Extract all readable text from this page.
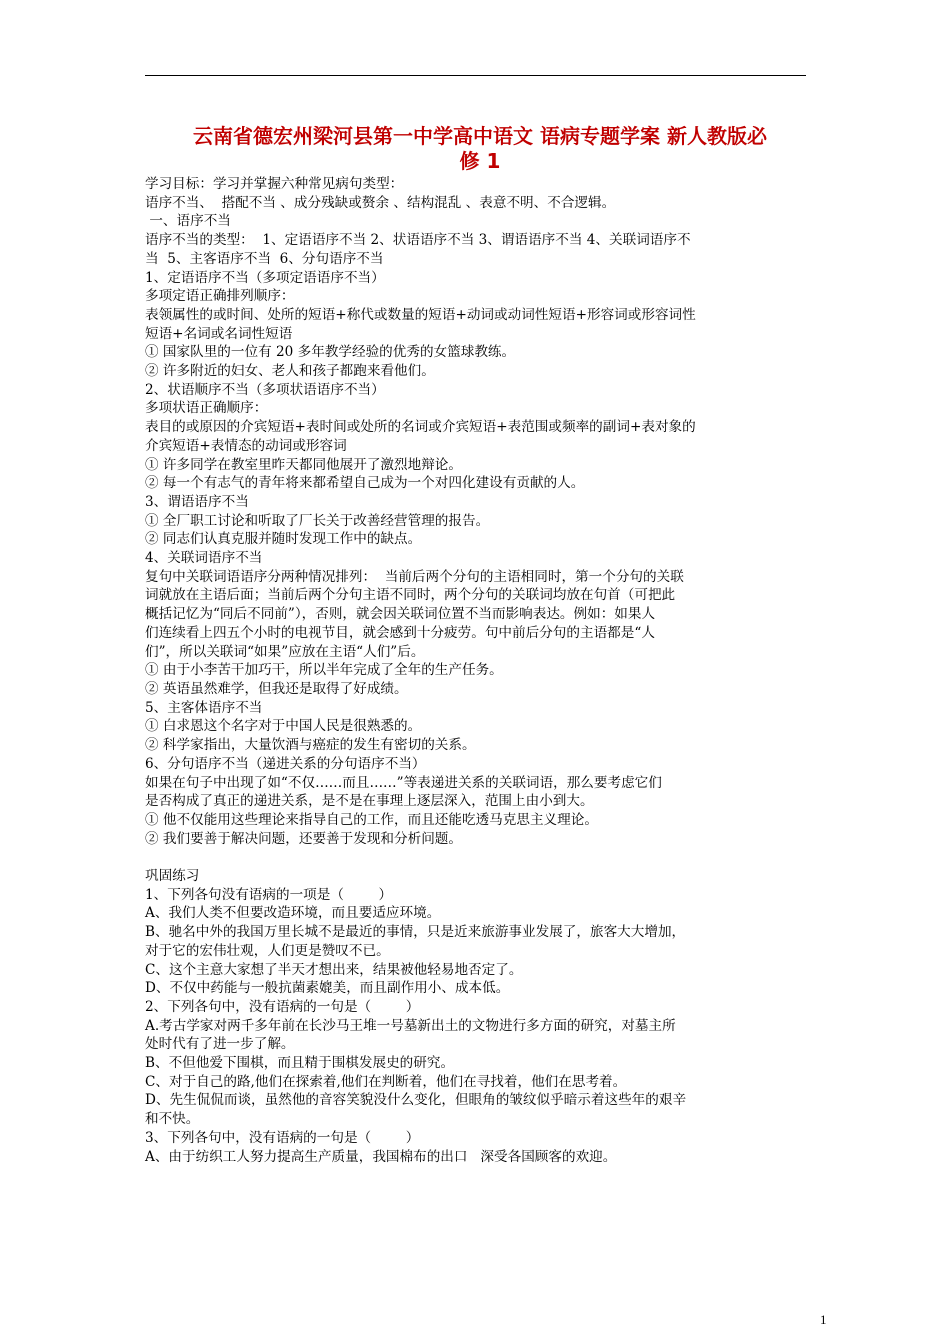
云南省德宏州梁河县第一中学高中语文 语病专题学案 新人教版必
修 1

学习目标：学习并掌握六种常见病句类型：

语序不当、  搭配不当 、成分残缺或赘余 、结构混乱 、表意不明、不合逻辑。

一、语序不当

语序不当的类型：  1、定语语序不当 2、状语语序不当 3、谓语语序不当 4、关联词语序不

当  5、主客语序不当  6、分句语序不当

1、定语语序不当（多项定语语序不当）

多项定语正确排列顺序：

表领属性的或时间、处所的短语+称代或数量的短语+动词或动词性短语+形容词或形容词性

短语+名词或名词性短语

① 国家队里的一位有 20 多年教学经验的优秀的女篮球教练。

② 许多附近的妇女、老人和孩子都跑来看他们。

2、状语顺序不当（多项状语语序不当）

多项状语正确顺序：

表目的或原因的介宾短语+表时间或处所的名词或介宾短语+表范围或频率的副词+表对象的

介宾短语+表情态的动词或形容词

① 许多同学在教室里昨天都同他展开了激烈地辩论。

② 每一个有志气的青年将来都希望自己成为一个对四化建设有贡献的人。

3、谓语语序不当

① 全厂职工讨论和听取了厂长关于改善经营管理的报告。

② 同志们认真克服并随时发现工作中的缺点。

4、关联词语序不当

复句中关联词语语序分两种情况排列：  当前后两个分句的主语相同时，第一个分句的关联

词就放在主语后面；当前后两个分句主语不同时，两个分句的关联词均放在句首（可把此

概括记忆为“同后不同前”），否则，就会因关联词位置不当而影响表达。例如：如果人

们连续看上四五个小时的电视节目，就会感到十分疲劳。句中前后分句的主语都是“人

们”，所以关联词“如果”应放在主语“人们”后。

① 由于小李苦干加巧干，所以半年完成了全年的生产任务。

② 英语虽然难学，但我还是取得了好成绩。

5、主客体语序不当

① 白求恩这个名字对于中国人民是很熟悉的。

② 科学家指出，大量饮酒与癌症的发生有密切的关系。

6、分句语序不当（递进关系的分句语序不当）

如果在句子中出现了如“不仅……而且……”等表递进关系的关联词语，那么要考虑它们

是否构成了真正的递进关系，是不是在事理上逐层深入，范围上由小到大。

① 他不仅能用这些理论来指导自己的工作，而且还能吃透马克思主义理论。

② 我们要善于解决问题，还要善于发现和分析问题。

巩固练习

1、下列各句没有语病的一项是（        ）

A、我们人类不但要改造环境，而且要适应环境。

B、驰名中外的我国万里长城不是最近的事情，只是近来旅游事业发展了，旅客大大增加，

对于它的宏伟壮观，人们更是赞叹不已。

C、这个主意大家想了半天才想出来，结果被他轻易地否定了。

D、不仅中药能与一般抗菌素媲美，而且副作用小、成本低。

2、下列各句中，没有语病的一句是（        ）

A.考古学家对两千多年前在长沙马王堆一号墓新出土的文物进行多方面的研究，对墓主所

处时代有了进一步了解。

B、不但他爱下围棋，而且精于围棋发展史的研究。

C、对于自己的路,他们在探索着,他们在判断着，他们在寻找着，他们在思考着。

D、先生侃侃而谈，虽然他的音容笑貌没什么变化，但眼角的皱纹似乎暗示着这些年的艰辛

和不快。

3、下列各句中，没有语病的一句是（        ）

A、由于纺织工人努力提高生产质量，我国棉布的出口   深受各国顾客的欢迎。

1
